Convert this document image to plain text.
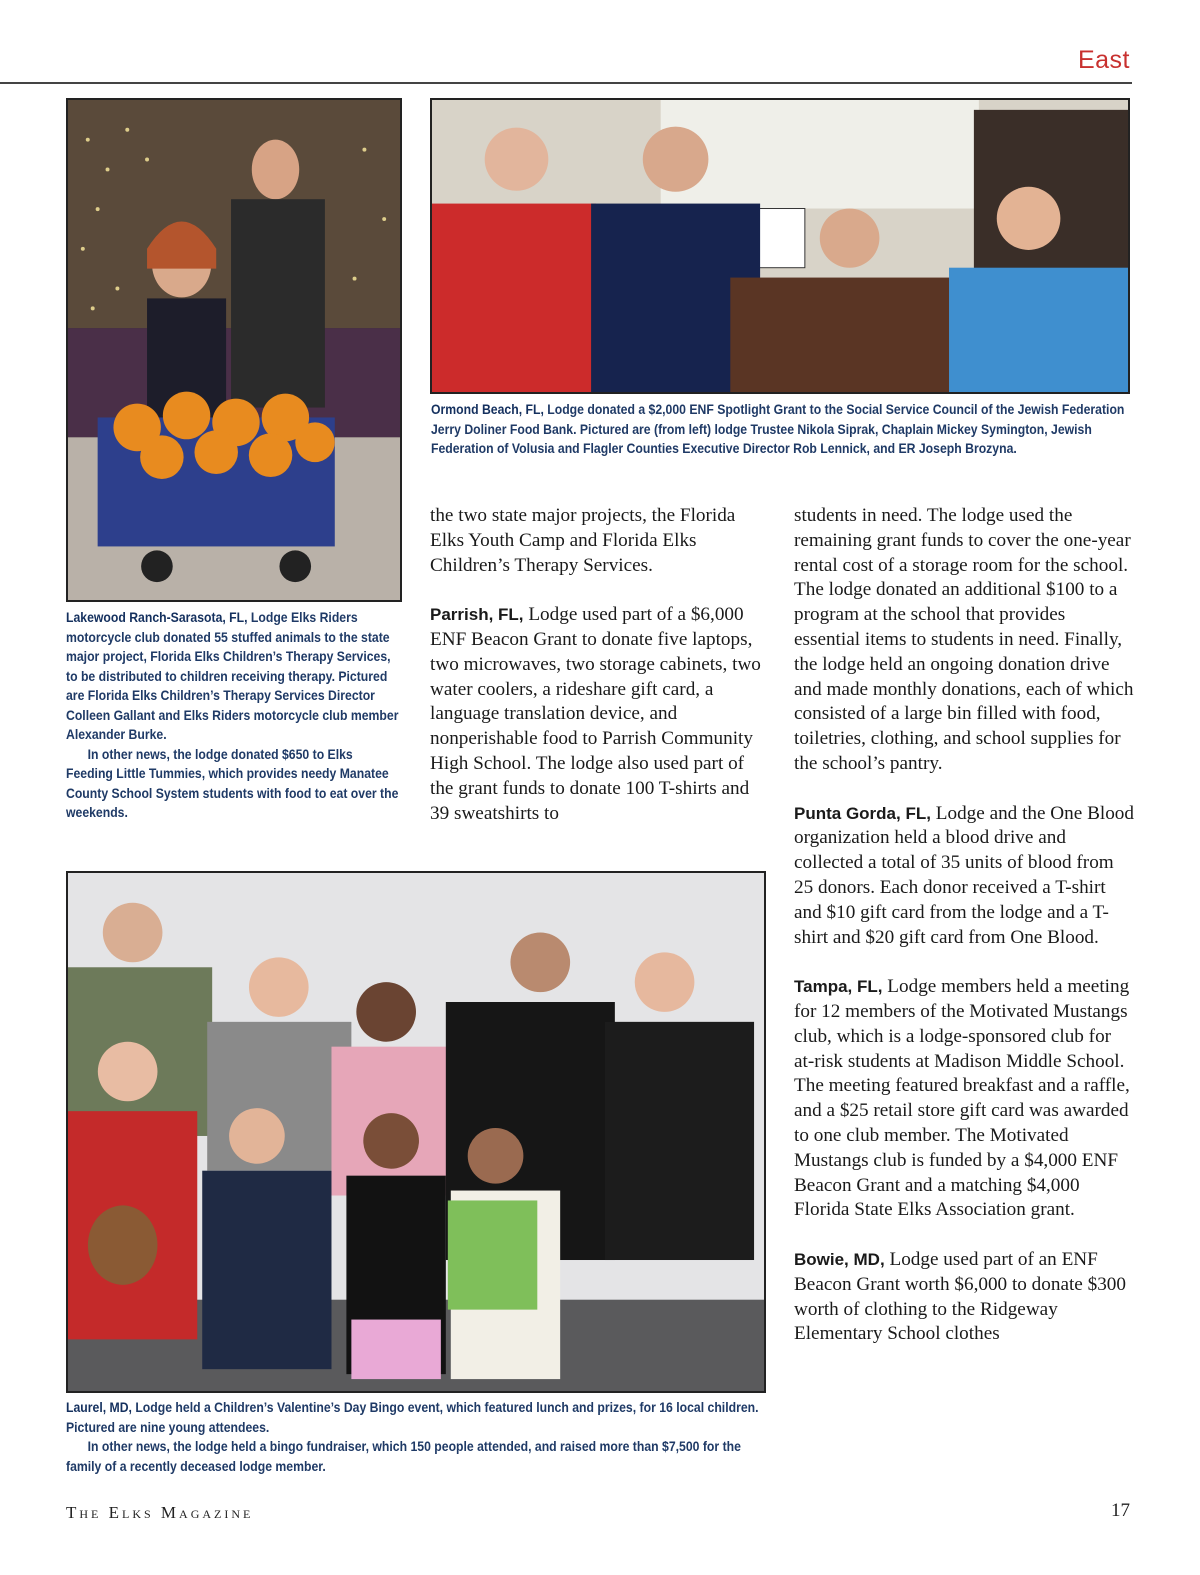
East

Ormond Beach, FL, Lodge donated a $2,000 ENF Spotlight Grant to the Social Service Council of the Jewish Federation Jerry Doliner Food Bank. Pictured are (from left) lodge Trustee Nikola Siprak, Chaplain Mickey Symington, Jewish Federation of Volusia and Flagler Counties Executive Director Rob Lennick, and ER Joseph Brozyna.

Lakewood Ranch-Sarasota, FL, Lodge Elks Riders motorcycle club donated 55 stuffed animals to the state major project, Florida Elks Children’s Therapy Services, to be distributed to children receiving therapy. Pictured are Florida Elks Children’s Therapy Services Director Colleen Gallant and Elks Riders motorcycle club member Alexander Burke.

In other news, the lodge donated $650 to Elks Feeding Little Tummies, which provides needy Manatee County School System students with food to eat over the weekends.

the two state major projects, the Florida Elks Youth Camp and Florida Elks Children’s Therapy Services.

Parrish, FL, Lodge used part of a $6,000 ENF Beacon Grant to donate five laptops, two microwaves, two storage cabinets, two water coolers, a rideshare gift card, a language translation device, and nonperishable food to Parrish Community High School. The lodge also used part of the grant funds to donate 100 T-shirts and 39 sweatshirts to

students in need. The lodge used the remaining grant funds to cover the one-year rental cost of a storage room for the school. The lodge donated an additional $100 to a program at the school that provides essential items to students in need. Finally, the lodge held an ongoing donation drive and made monthly donations, each of which consisted of a large bin filled with food, toiletries, clothing, and school supplies for the school’s pantry.

Punta Gorda, FL, Lodge and the One Blood organization held a blood drive and collected a total of 35 units of blood from 25 donors. Each donor received a T-shirt and $10 gift card from the lodge and a T-shirt and $20 gift card from One Blood.

Tampa, FL, Lodge members held a meeting for 12 members of the Motivated Mustangs club, which is a lodge-sponsored club for at-risk students at Madison Middle School. The meeting featured breakfast and a raffle, and a $25 retail store gift card was awarded to one club member. The Motivated Mustangs club is funded by a $4,000 ENF Beacon Grant and a matching $4,000 Florida State Elks Association grant.

Bowie, MD, Lodge used part of an ENF Beacon Grant worth $6,000 to donate $300 worth of clothing to the Ridgeway Elementary School clothes

Laurel, MD, Lodge held a Children’s Valentine’s Day Bingo event, which featured lunch and prizes, for 16 local children. Pictured are nine young attendees.

In other news, the lodge held a bingo fundraiser, which 150 people attended, and raised more than $7,500 for the family of a recently deceased lodge member.

The Elks Magazine	17
